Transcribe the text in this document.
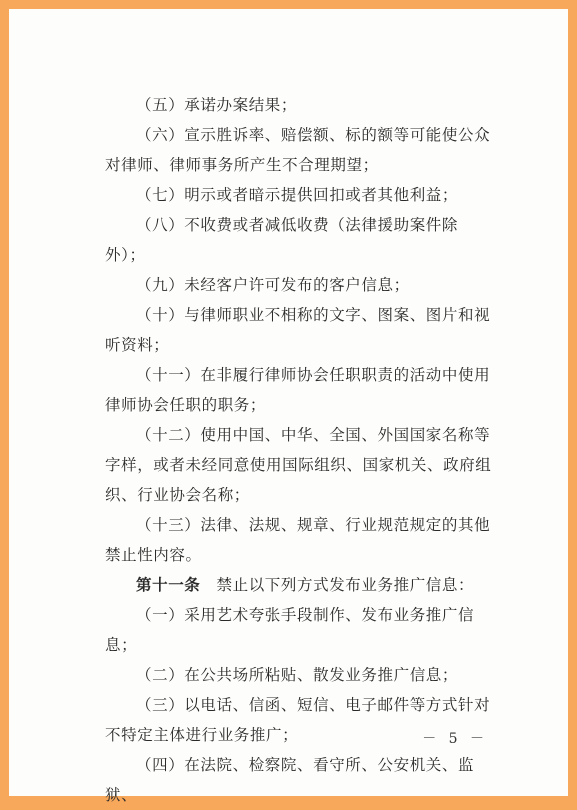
（五）承诺办案结果；

（六）宣示胜诉率、赔偿额、标的额等可能使公众对律师、律师事务所产生不合理期望；

（七）明示或者暗示提供回扣或者其他利益；

（八）不收费或者减低收费（法律援助案件除外）；

（九）未经客户许可发布的客户信息；

（十）与律师职业不相称的文字、图案、图片和视听资料；

（十一）在非履行律师协会任职职责的活动中使用律师协会任职的职务；

（十二）使用中国、中华、全国、外国国家名称等字样，或者未经同意使用国际组织、国家机关、政府组织、行业协会名称；

（十三）法律、法规、规章、行业规范规定的其他禁止性内容。

第十一条　禁止以下列方式发布业务推广信息：

（一）采用艺术夸张手段制作、发布业务推广信息；

（二）在公共场所粘贴、散发业务推广信息；

（三）以电话、信函、短信、电子邮件等方式针对不特定主体进行业务推广；

（四）在法院、检察院、看守所、公安机关、监狱、

－ 5 －
